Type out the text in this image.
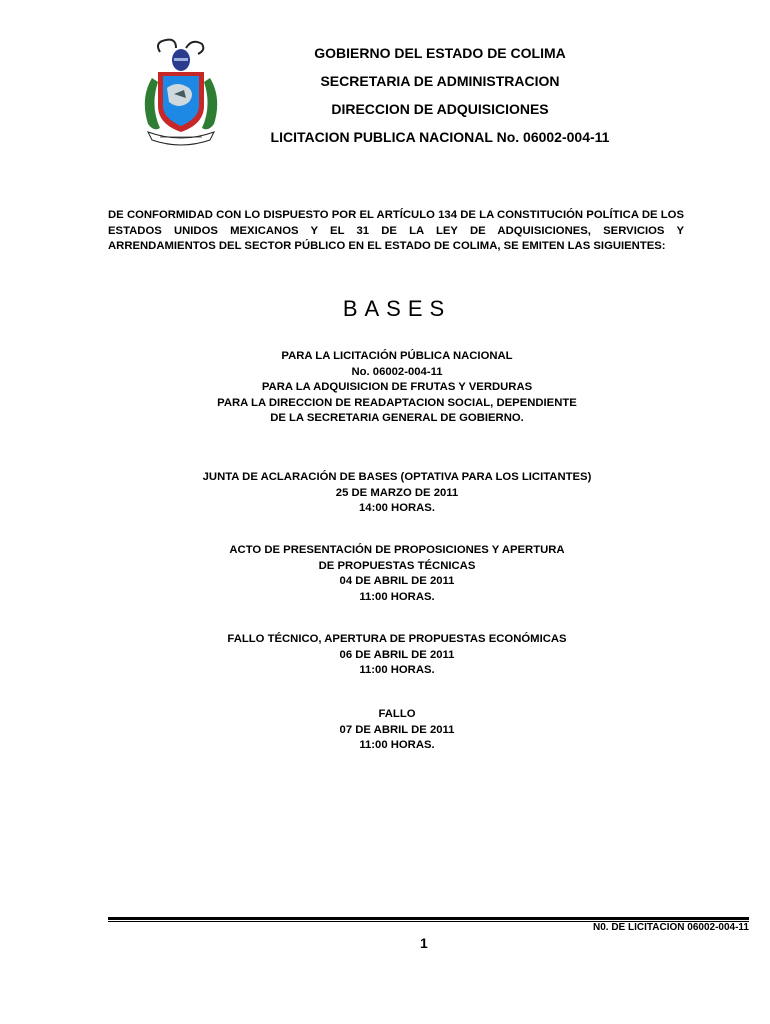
GOBIERNO DEL ESTADO DE COLIMA
SECRETARIA DE ADMINISTRACION
DIRECCION DE ADQUISICIONES
LICITACION PUBLICA NACIONAL No. 06002-004-11
DE CONFORMIDAD CON LO DISPUESTO POR EL ARTÍCULO 134 DE LA CONSTITUCIÓN POLÍTICA DE LOS ESTADOS UNIDOS MEXICANOS Y EL 31 DE LA LEY DE ADQUISICIONES, SERVICIOS Y ARRENDAMIENTOS DEL SECTOR PÚBLICO EN EL ESTADO DE COLIMA, SE EMITEN LAS SIGUIENTES:
BASES
PARA LA LICITACIÓN PÚBLICA NACIONAL
No. 06002-004-11
PARA LA ADQUISICION DE FRUTAS Y VERDURAS
PARA LA DIRECCION DE READAPTACION SOCIAL, DEPENDIENTE
DE LA SECRETARIA GENERAL DE GOBIERNO.
JUNTA DE ACLARACIÓN DE BASES (OPTATIVA PARA LOS LICITANTES)
25 DE MARZO DE 2011
14:00 HORAS.
ACTO DE PRESENTACIÓN DE PROPOSICIONES Y APERTURA
DE PROPUESTAS TÉCNICAS
04 DE ABRIL DE 2011
11:00 HORAS.
FALLO TÉCNICO, APERTURA DE PROPUESTAS ECONÓMICAS
06 DE ABRIL DE 2011
11:00 HORAS.
FALLO
07 DE ABRIL DE 2011
11:00 HORAS.
N0. DE LICITACION 06002-004-11
1
